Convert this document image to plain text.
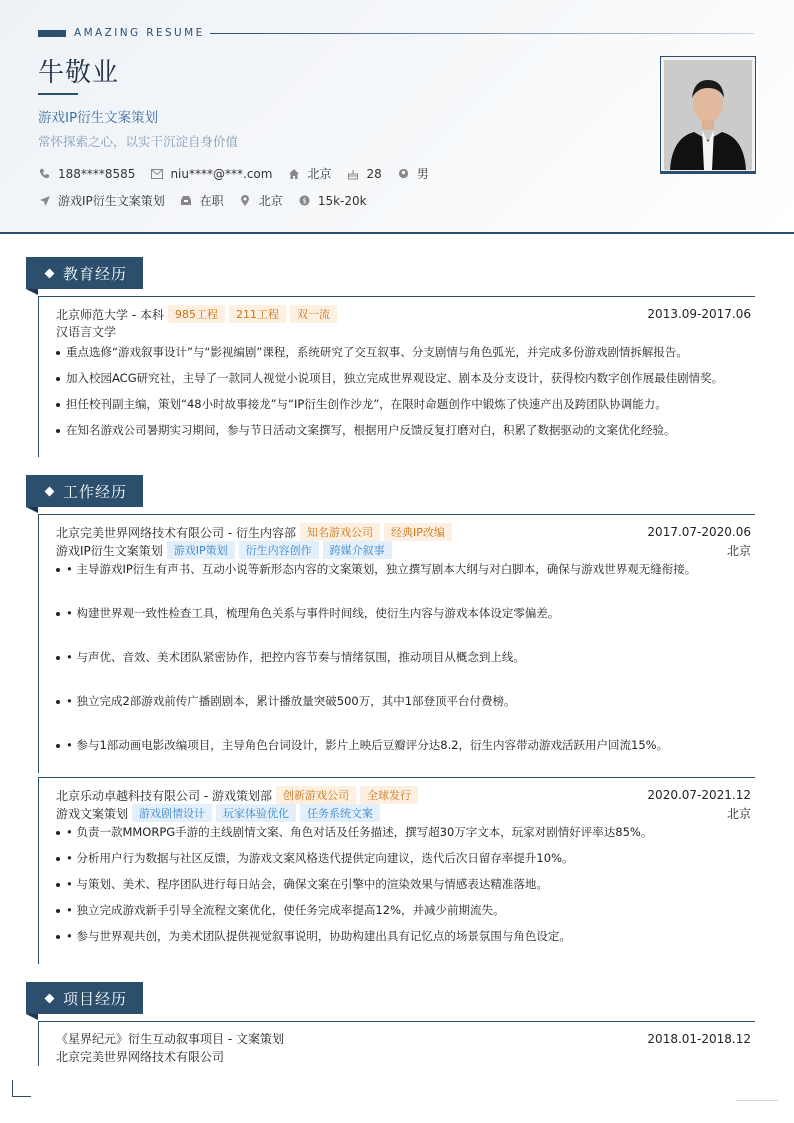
AMAZING RESUME
牛敬业
游戏IP衍生文案策划
常怀探索之心，以实干沉淀自身价值
188****8585	niu****@***.com	北京	28	男
游戏IP衍生文案策划	在职	北京	$ 15k-20k
教育经历
北京师范大学 - 本科	985工程	211工程	双一流	2013.09-2017.06
汉语言文学
重点选修“游戏叙事设计”与“影视编剧”课程，系统研究了交互叙事、分支剧情与角色弧光，并完成多份游戏剧情拆解报告。
加入校园ACG研究社，主导了一款同人视觉小说项目，独立完成世界观设定、剧本及分支设计，获得校内数字创作展最佳剧情奖。
担任校刊副主编，策划“48小时故事接龙”与“IP衍生创作沙龙”，在限时命题创作中锻炼了快速产出及跨团队协调能力。
在知名游戏公司暑期实习期间，参与节日活动文案撰写，根据用户反馈反复打磨对白，积累了数据驱动的文案优化经验。
工作经历
北京完美世界网络技术有限公司 - 衍生内容部	知名游戏公司	经典IP改编	2017.07-2020.06
游戏IP衍生文案策划	游戏IP策划	衍生内容创作	跨媒介叙事	北京
• 主导游戏IP衍生有声书、互动小说等新形态内容的文案策划，独立撰写剧本大纲与对白脚本，确保与游戏世界观无缝衔接。
• 构建世界观一致性检查工具，梳理角色关系与事件时间线，使衍生内容与游戏本体设定零偏差。
• 与声优、音效、美术团队紧密协作，把控内容节奏与情绪氛围，推动项目从概念到上线。
• 独立完成2部游戏前传广播剧剧本，累计播放量突破500万，其中1部登顶平台付费榜。
• 参与1部动画电影改编项目，主导角色台词设计，影片上映后豆瓣评分达8.2，衍生内容带动游戏活跃用户回流15%。
北京乐动卓越科技有限公司 - 游戏策划部	创新游戏公司	全球发行	2020.07-2021.12
游戏文案策划	游戏剧情设计	玩家体验优化	任务系统文案	北京
• 负责一款MMORPG手游的主线剧情文案、角色对话及任务描述，撰写超30万字文本，玩家对剧情好评率达85%。
• 分析用户行为数据与社区反馈，为游戏文案风格迭代提供定向建议，迭代后次日留存率提升10%。
• 与策划、美术、程序团队进行每日站会，确保文案在引擎中的渲染效果与情感表达精准落地。
• 独立完成游戏新手引导全流程文案优化，使任务完成率提高12%，并减少前期流失。
• 参与世界观共创，为美术团队提供视觉叙事说明，协助构建出具有记忆点的场景氛围与角色设定。
项目经历
《星界纪元》衍生互动叙事项目 - 文案策划	2018.01-2018.12
北京完美世界网络技术有限公司
